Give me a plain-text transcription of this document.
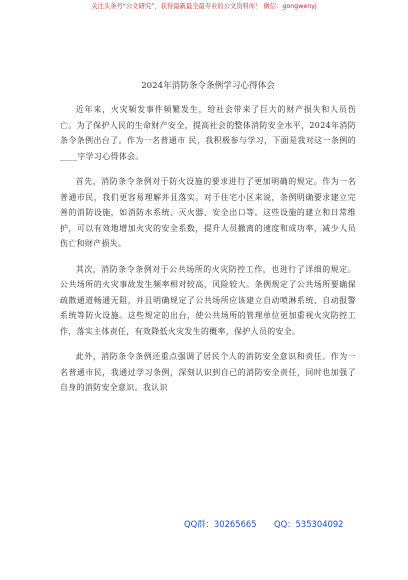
关注头条号“公文研究”，获得最新最全最专业的公文资料库！ 微信：gongwenyj
2024年消防条令条例学习心得体会

近年来，火灾频发事件频繁发生，给社会带来了巨大的财产损失和人员伤亡。为了保护人民的生命财产安全，提高社会的整体消防安全水平，2024年消防条令条例出台了。作为一名普通市 民，我积极参与学习，下面是我对这一条例的____字学习心得体会。

首先，消防条令条例对于防火设施的要求进行了更加明确的规定。作为一名普通市民，我们更容易理解并且落实。对于住宅小区来说，条例明确要求建立完善的消防设施，如消防水系统、灭火器、安全出口等。这些设施的建立和日常维护，可以有效地增加火灾的安全系数，提升人员撤离的速度和成功率，减少人员伤亡和财产损失。

其次，消防条令条例对于公共场所的火灾防控工作，也进行了详细的规定。公共场所的火灾事故发生频率相对较高，风险较大。条例规定了公共场所要确保疏散通道畅通无阻，并且明确规定了公共场所应该建立自动喷淋系统、自动报警系统等防火设施。这些规定的出台，使公共场所的管理单位更加重视火灾防控工作，落实主体责任，有效降低火灾发生的概率，保护人员的安全。

此外，消防条令条例还重点强调了居民个人的消防安全意识和责任。作为一名普通市民，我通过学习条例，深刻认识到自己的消防安全责任，同时也加强了自身的消防安全意识。我认识

QQ群：30265665 QQ：535304092
